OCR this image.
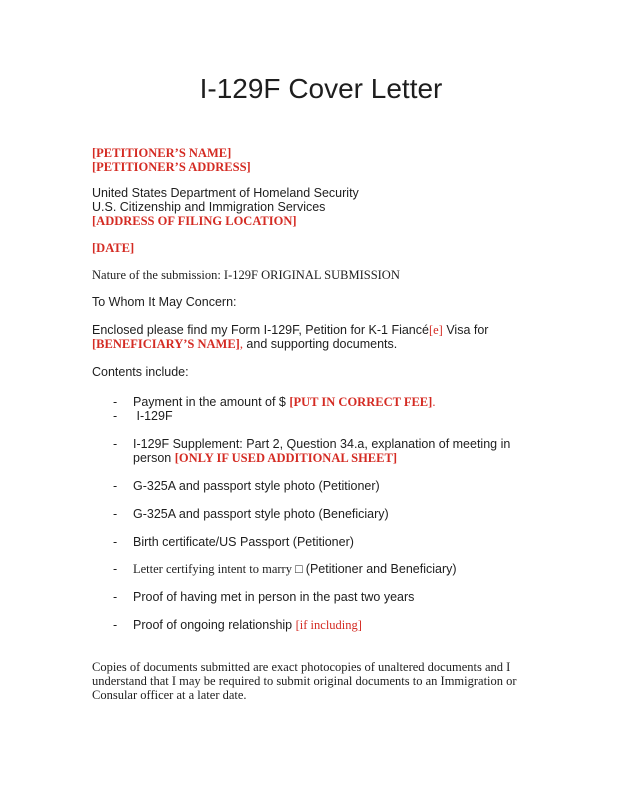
I-129F Cover Letter
[PETITIONER’S NAME]
[PETITIONER’S ADDRESS]
United States Department of Homeland Security
U.S. Citizenship and Immigration Services
[ADDRESS OF FILING LOCATION]
[DATE]
Nature of the submission: I-129F ORIGINAL SUBMISSION
To Whom It May Concern:
Enclosed please find my Form I-129F, Petition for K-1 Fiancé[e] Visa for
[BENEFICIARY’S NAME], and supporting documents.
Contents include:
-	Payment in the amount of $ [PUT IN CORRECT FEE].
-	I-129F
-	I-129F Supplement: Part 2, Question 34.a, explanation of meeting in
person [ONLY IF USED ADDITIONAL SHEET]
-	G-325A and passport style photo (Petitioner)
-	G-325A and passport style photo (Beneficiary)
-	Birth certificate/US Passport (Petitioner)
-	Letter certifying intent to marry □ (Petitioner and Beneficiary)
-	Proof of having met in person in the past two years
-	Proof of ongoing relationship [if including]
Copies of documents submitted are exact photocopies of unaltered documents and I
understand that I may be required to submit original documents to an Immigration or
Consular officer at a later date.
